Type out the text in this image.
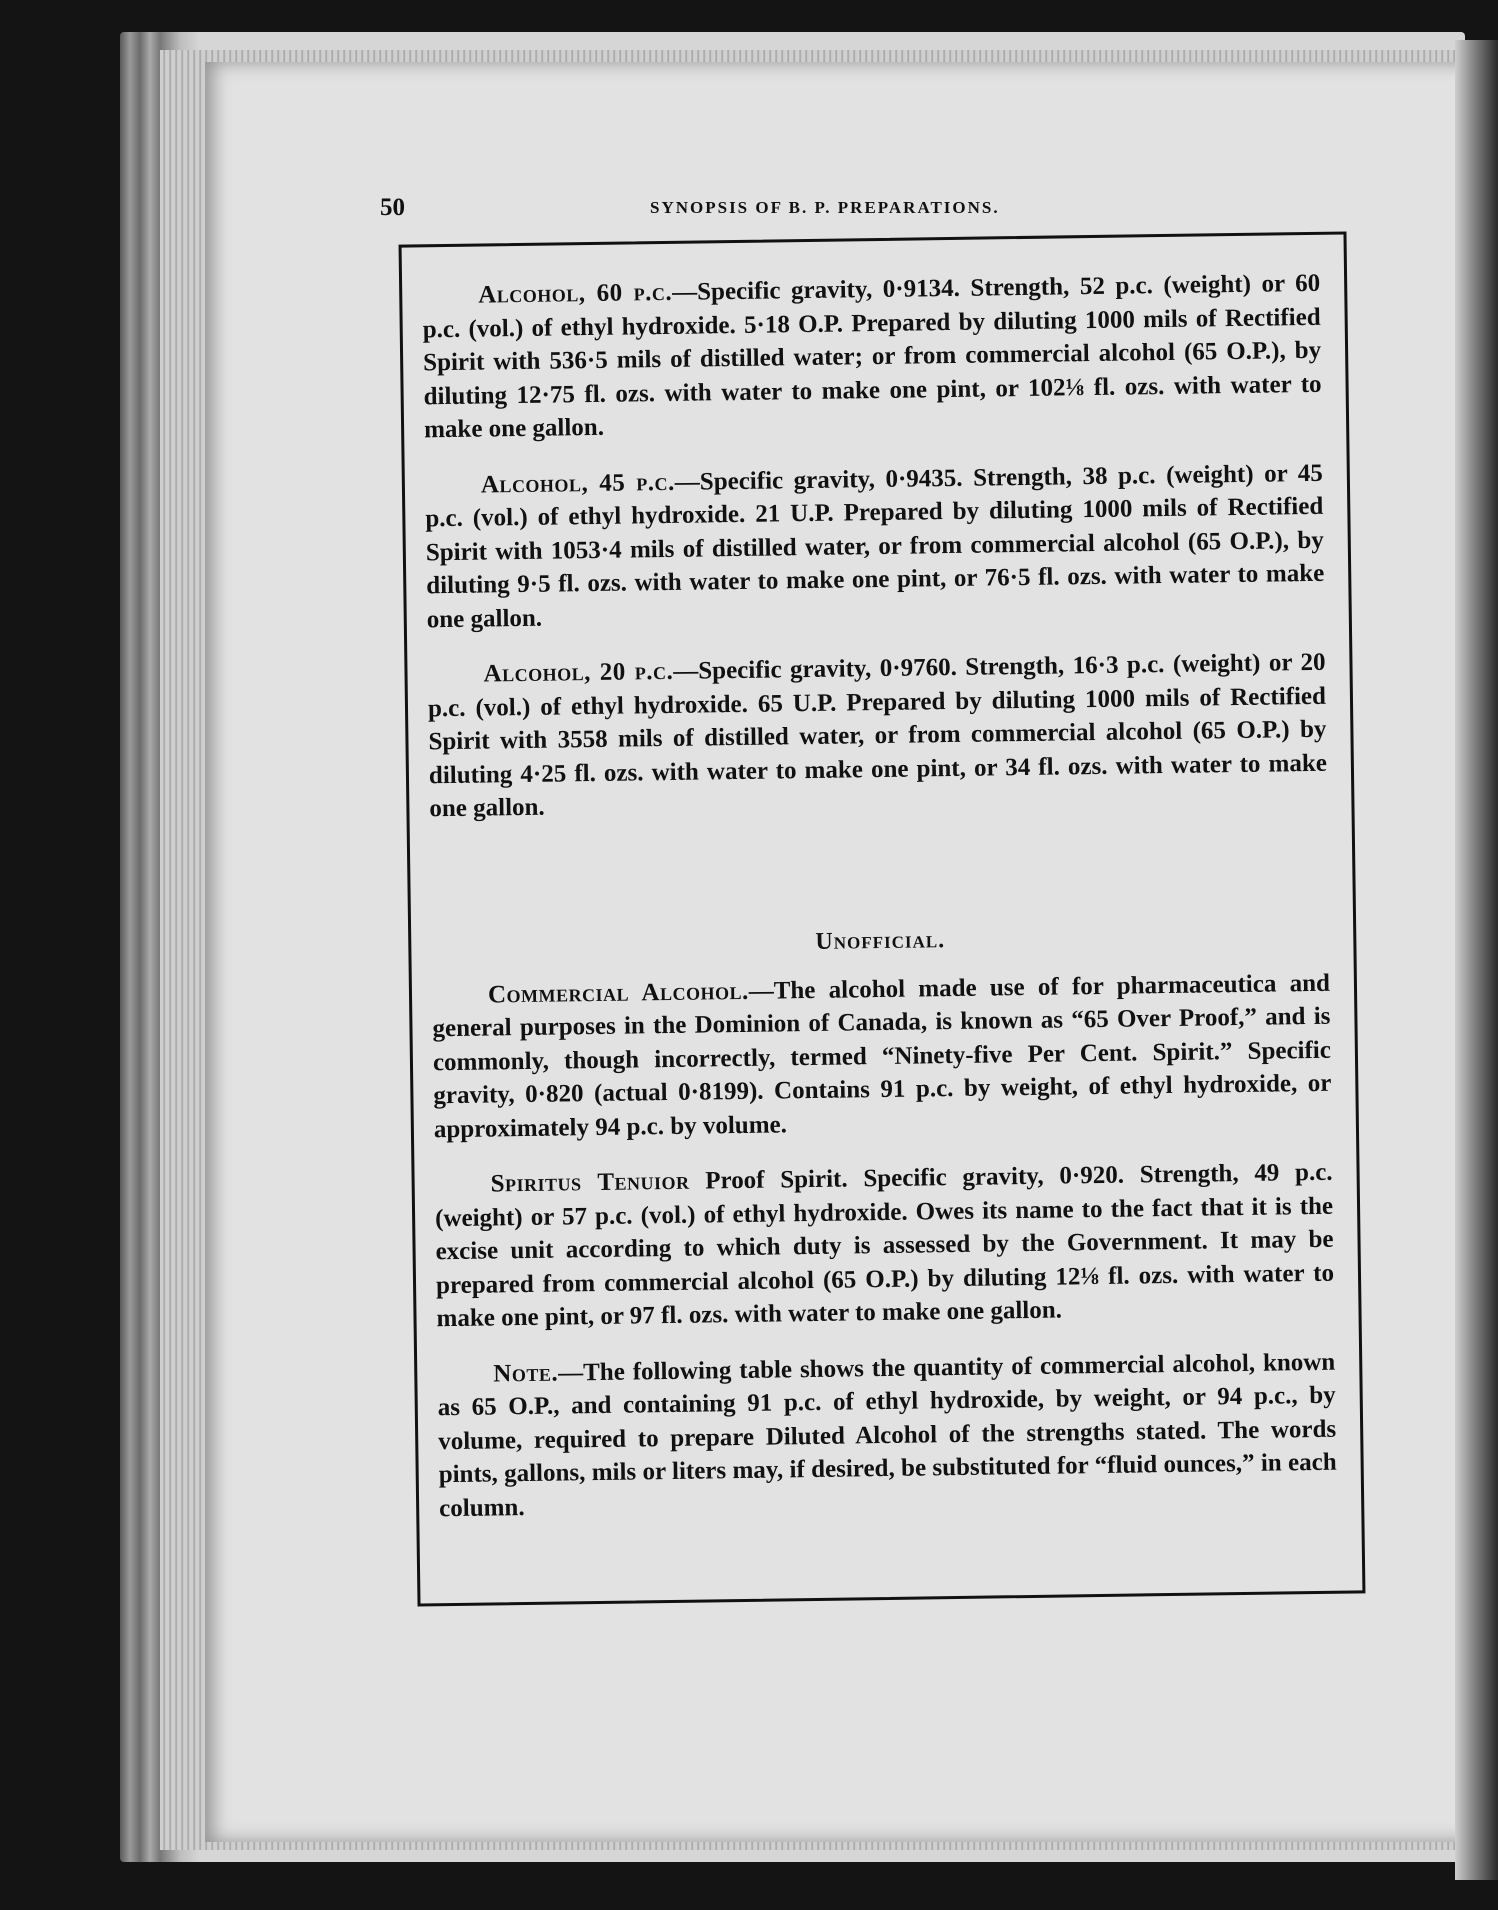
50	SYNOPSIS OF B. P. PREPARATIONS.

Alcohol, 60 p.c.—Specific gravity, 0·9134. Strength, 52 p.c. (weight) or 60 p.c. (vol.) of ethyl hydroxide. 5·18 O.P. Prepared by diluting 1000 mils of Rectified Spirit with 536·5 mils of distilled water; or from commercial alcohol (65 O.P.), by diluting 12·75 fl. ozs. with water to make one pint, or 102⅛ fl. ozs. with water to make one gallon.

Alcohol, 45 p.c.—Specific gravity, 0·9435. Strength, 38 p.c. (weight) or 45 p.c. (vol.) of ethyl hydroxide. 21 U.P. Prepared by diluting 1000 mils of Rectified Spirit with 1053·4 mils of distilled water, or from commercial alcohol (65 O.P.), by diluting 9·5 fl. ozs. with water to make one pint, or 76·5 fl. ozs. with water to make one gallon.

Alcohol, 20 p.c.—Specific gravity, 0·9760. Strength, 16·3 p.c. (weight) or 20 p.c. (vol.) of ethyl hydroxide. 65 U.P. Prepared by diluting 1000 mils of Rectified Spirit with 3558 mils of distilled water, or from commercial alcohol (65 O.P.) by diluting 4·25 fl. ozs. with water to make one pint, or 34 fl. ozs. with water to make one gallon.

Unofficial.

Commercial Alcohol.—The alcohol made use of for pharmaceutica and general purposes in the Dominion of Canada, is known as “65 Over Proof,” and is commonly, though incorrectly, termed “Ninety-five Per Cent. Spirit.” Specific gravity, 0·820 (actual 0·8199). Contains 91 p.c. by weight, of ethyl hydroxide, or approximately 94 p.c. by volume.

Spiritus Tenuior Proof Spirit. Specific gravity, 0·920. Strength, 49 p.c. (weight) or 57 p.c. (vol.) of ethyl hydroxide. Owes its name to the fact that it is the excise unit according to which duty is assessed by the Government. It may be prepared from commercial alcohol (65 O.P.) by diluting 12⅛ fl. ozs. with water to make one pint, or 97 fl. ozs. with water to make one gallon.

Note.—The following table shows the quantity of commercial alcohol, known as 65 O.P., and containing 91 p.c. of ethyl hydroxide, by weight, or 94 p.c., by volume, required to prepare Diluted Alcohol of the strengths stated. The words pints, gallons, mils or liters may, if desired, be substituted for “fluid ounces,” in each column.
